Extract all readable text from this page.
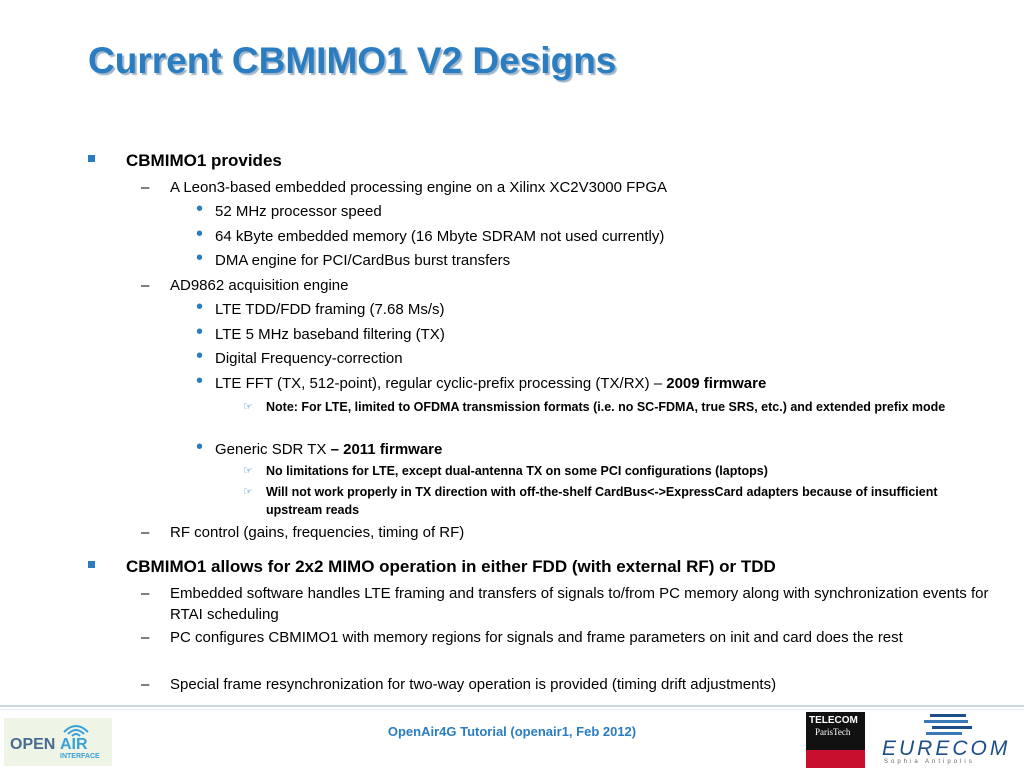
Current CBMIMO1 V2 Designs
CBMIMO1 provides
– A Leon3-based embedded processing engine on a Xilinx XC2V3000 FPGA
• 52 MHz processor speed
• 64 kByte embedded memory (16 Mbyte SDRAM not used currently)
• DMA engine for PCI/CardBus burst transfers
– AD9862 acquisition engine
• LTE TDD/FDD framing (7.68 Ms/s)
• LTE 5 MHz baseband filtering (TX)
• Digital Frequency-correction
• LTE FFT (TX, 512-point), regular cyclic-prefix processing (TX/RX) – 2009 firmware
☞ Note: For LTE, limited to OFDMA transmission formats (i.e. no SC-FDMA, true SRS, etc.) and extended prefix mode
• Generic SDR TX – 2011 firmware
☞ No limitations for LTE, except dual-antenna TX on some PCI configurations (laptops)
☞ Will not work properly in TX direction with off-the-shelf CardBus<->ExpressCard adapters because of insufficient upstream reads
– RF control (gains, frequencies, timing of RF)
CBMIMO1 allows for 2x2 MIMO operation in either FDD (with external RF) or TDD
– Embedded software handles LTE framing and transfers of signals to/from PC memory along with synchronization events for RTAI scheduling
– PC configures CBMIMO1 with memory regions for signals and frame parameters on init and card does the rest
– Special frame resynchronization for two-way operation is provided (timing drift adjustments)
OPEN AIR
INTERFACE
OpenAir4G Tutorial (openair1, Feb 2012)
TELECOM
ParisTech
EURECOM
Sophia Antipolis
